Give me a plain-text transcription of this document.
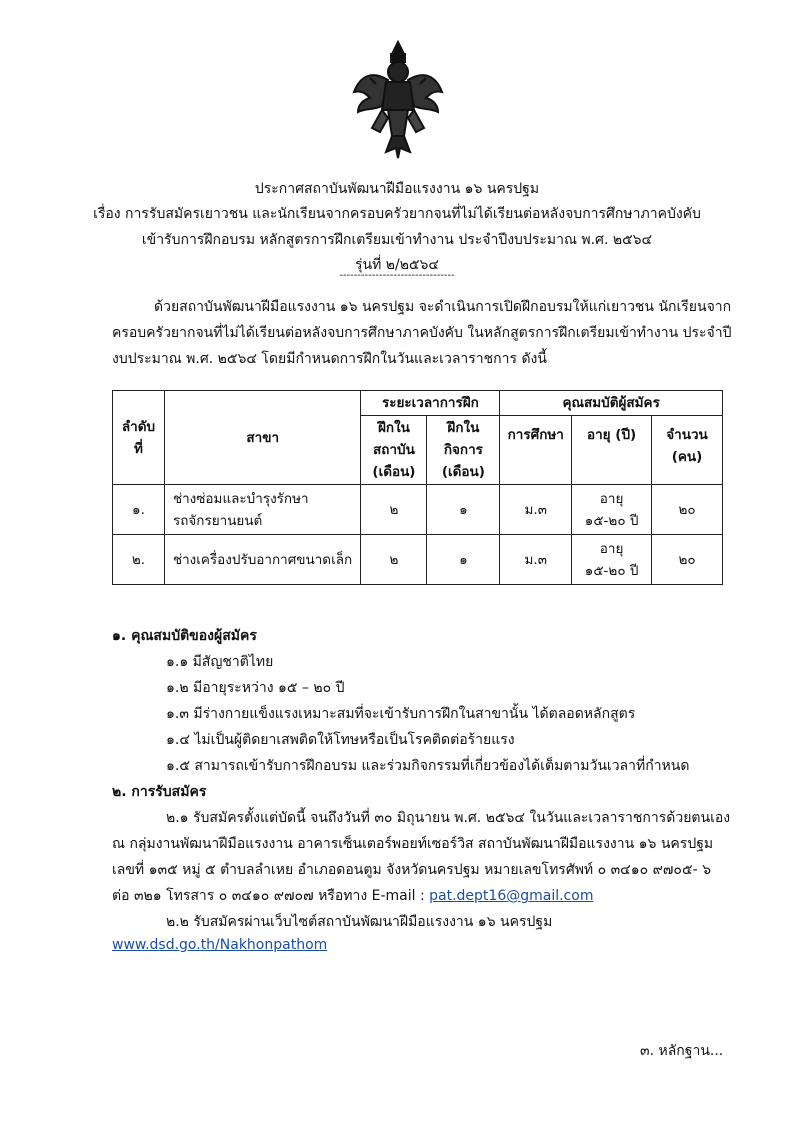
ประกาศสถาบันพัฒนาฝีมือแรงงาน ๑๖ นครปฐม
เรื่อง การรับสมัครเยาวชน และนักเรียนจากครอบครัวยากจนที่ไม่ได้เรียนต่อหลังจบการศึกษาภาคบังคับ
เข้ารับการฝึกอบรม หลักสูตรการฝึกเตรียมเข้าทำงาน ประจำปีงบประมาณ พ.ศ. ๒๕๖๔
รุ่นที่ ๒/๒๕๖๔
--------------------------------
ด้วยสถาบันพัฒนาฝีมือแรงงาน ๑๖ นครปฐม จะดำเนินการเปิดฝึกอบรมให้แก่เยาวชน นักเรียนจาก
ครอบครัวยากจนที่ไม่ได้เรียนต่อหลังจบการศึกษาภาคบังคับ ในหลักสูตรการฝึกเตรียมเข้าทำงาน ประจำปี
งบประมาณ พ.ศ. ๒๕๖๔ โดยมีกำหนดการฝึกในวันและเวลาราชการ ดังนี้
ลำดับ
ที่	สาขา	ระยะเวลาการฝึก		คุณสมบัติผู้สมัคร		

		ฝึกใน
สถาบัน
(เดือน)	ฝึกใน
กิจการ
(เดือน)	การศึกษา	อายุ (ปี)	จำนวน
(คน)

๑.	ช่างซ่อมและบำรุงรักษา
รถจักรยานยนต์	๒	๑	ม.๓	อายุ
๑๕-๒๐ ปี	๒๐
๒.	ช่างเครื่องปรับอากาศขนาดเล็ก	๒	๑	ม.๓	อายุ
๑๕-๒๐ ปี	๒๐
๑. คุณสมบัติของผู้สมัคร
๑.๑ มีสัญชาติไทย
๑.๒ มีอายุระหว่าง ๑๕ – ๒๐ ปี
๑.๓ มีร่างกายแข็งแรงเหมาะสมที่จะเข้ารับการฝึกในสาขานั้น ได้ตลอดหลักสูตร
๑.๔ ไม่เป็นผู้ติดยาเสพติดให้โทษหรือเป็นโรคติดต่อร้ายแรง
๑.๕ สามารถเข้ารับการฝึกอบรม และร่วมกิจกรรมที่เกี่ยวข้องได้เต็มตามวันเวลาที่กำหนด
๒. การรับสมัคร
๒.๑ รับสมัครตั้งแต่บัดนี้ จนถึงวันที่ ๓๐ มิถุนายน พ.ศ. ๒๕๖๔ ในวันและเวลาราชการด้วยตนเอง
ณ กลุ่มงานพัฒนาฝีมือแรงงาน อาคารเซ็นเตอร์พอยท์เซอร์วิส สถาบันพัฒนาฝีมือแรงงาน ๑๖ นครปฐม
เลขที่ ๑๓๕ หมู่ ๕ ตำบลลำเหย อำเภอดอนตูม จังหวัดนครปฐม หมายเลขโทรศัพท์ ๐ ๓๔๑๐ ๙๗๐๕- ๖
ต่อ ๓๒๑ โทรสาร ๐ ๓๔๑๐ ๙๗๐๗ หรือทาง E-mail : pat.dept16@gmail.com
๒.๒ รับสมัครผ่านเว็บไซต์สถาบันพัฒนาฝีมือแรงงาน ๑๖ นครปฐม
www.dsd.go.th/Nakhonpathom
๓. หลักฐาน...
